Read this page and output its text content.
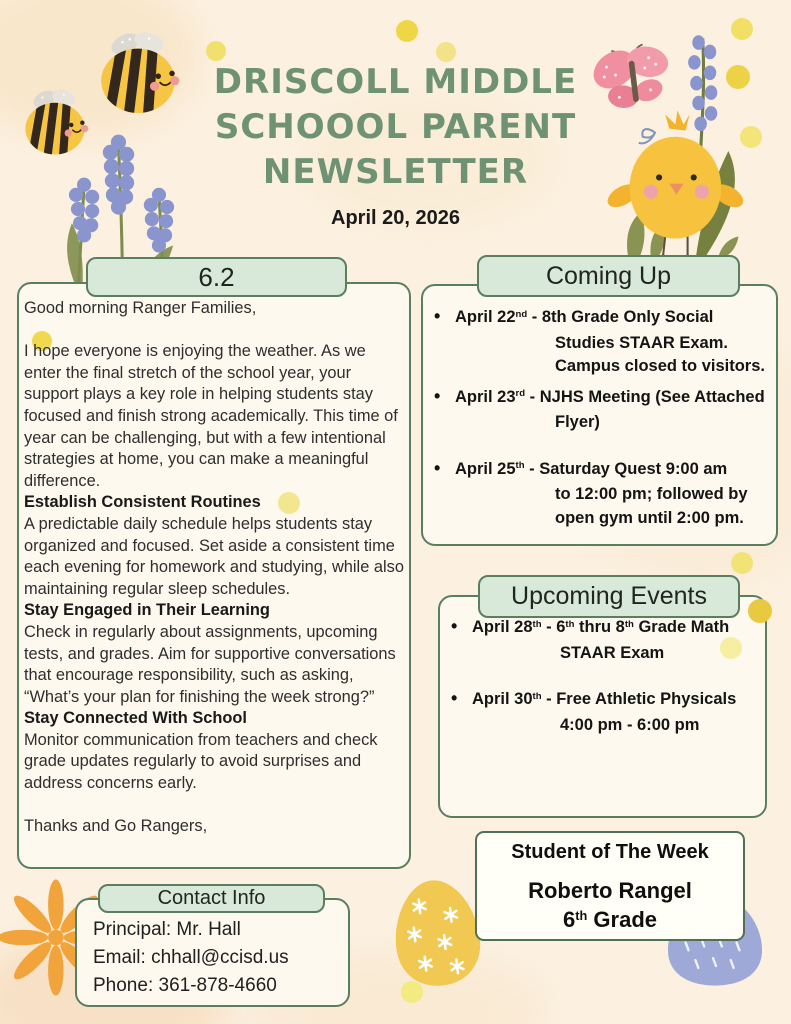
DRISCOLL MIDDLE
SCHOOOL PARENT
NEWSLETTER
April 20, 2026
6.2	Coming Up
Upcoming Events
Contact Info

Good morning Ranger Families,

I hope everyone is enjoying the weather. As we enter the final stretch of the school year, your support plays a key role in helping students stay focused and finish strong academically. This time of year can be challenging, but with a few intentional strategies at home, you can make a meaningful difference.

Establish Consistent Routines

A predictable daily schedule helps students stay organized and focused. Set aside a consistent time each evening for homework and studying, while also maintaining regular sleep schedules.

Stay Engaged in Their Learning

Check in regularly about assignments, upcoming tests, and grades. Aim for supportive conversations that encourage responsibility, such as asking, “What’s your plan for finishing the week strong?”

Stay Connected With School

Monitor communication from teachers and check grade updates regularly to avoid surprises and address concerns early.

Thanks and Go Rangers,

• April 22nd - 8th Grade Only Social
Studies STAAR Exam.
Campus closed to visitors.
• April 23rd - NJHS Meeting (See Attached
Flyer)
• April 25th - Saturday Quest 9:00 am
to 12:00 pm; followed by
open gym until 2:00 pm.
• April 28th - 6th thru 8th Grade Math
STAAR Exam
• April 30th - Free Athletic Physicals
4:00 pm - 6:00 pm
Student of The Week
Roberto Rangel
6th Grade
Principal: Mr. Hall
Email: chhall@ccisd.us
Phone: 361-878-4660
